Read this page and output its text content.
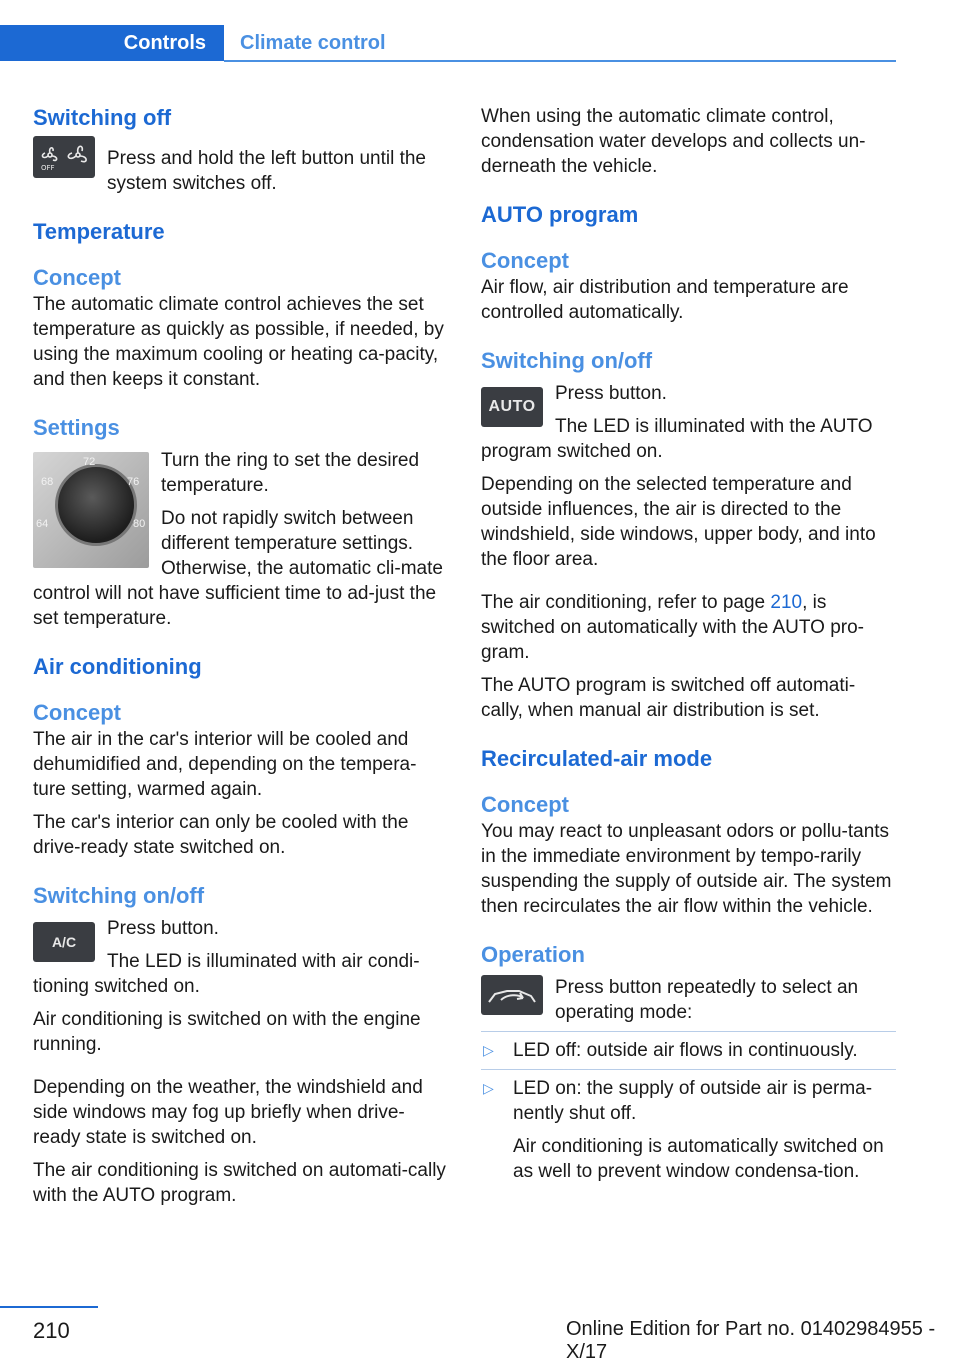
Controls	Climate control
Switching off
OFF	Press and hold the left button until the system switches off.

Temperature
Concept

The automatic climate control achieves the set temperature as quickly as possible, if needed, by using the maximum cooling or heating ca‐pacity, and then keeps it constant.

Settings
72
68	76
64	80

Turn the ring to set the desired temperature.

Do not rapidly switch between different temperature settings. Otherwise, the automatic cli‐mate control will not have sufficient time to ad‐just the set temperature.

Air conditioning
Concept

The air in the car's interior will be cooled and dehumidified and, depending on the tempera‐ture setting, warmed again.

The car's interior can only be cooled with the drive-ready state switched on.

Switching on/off
A/C

Press button.

The LED is illuminated with air condi‐tioning switched on.

Air conditioning is switched on with the engine running.

Depending on the weather, the windshield and side windows may fog up briefly when drive-ready state is switched on.

The air conditioning is switched on automati‐cally with the AUTO program.

When using the automatic climate control, condensation water develops and collects un‐derneath the vehicle.

AUTO program
Concept

Air flow, air distribution and temperature are controlled automatically.

Switching on/off
AUTO

Press button.

The LED is illuminated with the AUTO program switched on.

Depending on the selected temperature and outside influences, the air is directed to the windshield, side windows, upper body, and into the floor area.

The air conditioning, refer to page 210, is switched on automatically with the AUTO pro‐gram.

The AUTO program is switched off automati‐cally, when manual air distribution is set.

Recirculated-air mode
Concept

You may react to unpleasant odors or pollu‐tants in the immediate environment by tempo‐rarily suspending the supply of outside air. The system then recirculates the air flow within the vehicle.

Operation

Press button repeatedly to select an operating mode:

▷ LED off: outside air flows in continuously.
▷ LED on: the supply of outside air is perma‐nently shut off.
Air conditioning is automatically switched on as well to prevent window condensa‐tion.
210	Online Edition for Part no. 01402984955 - X/17
